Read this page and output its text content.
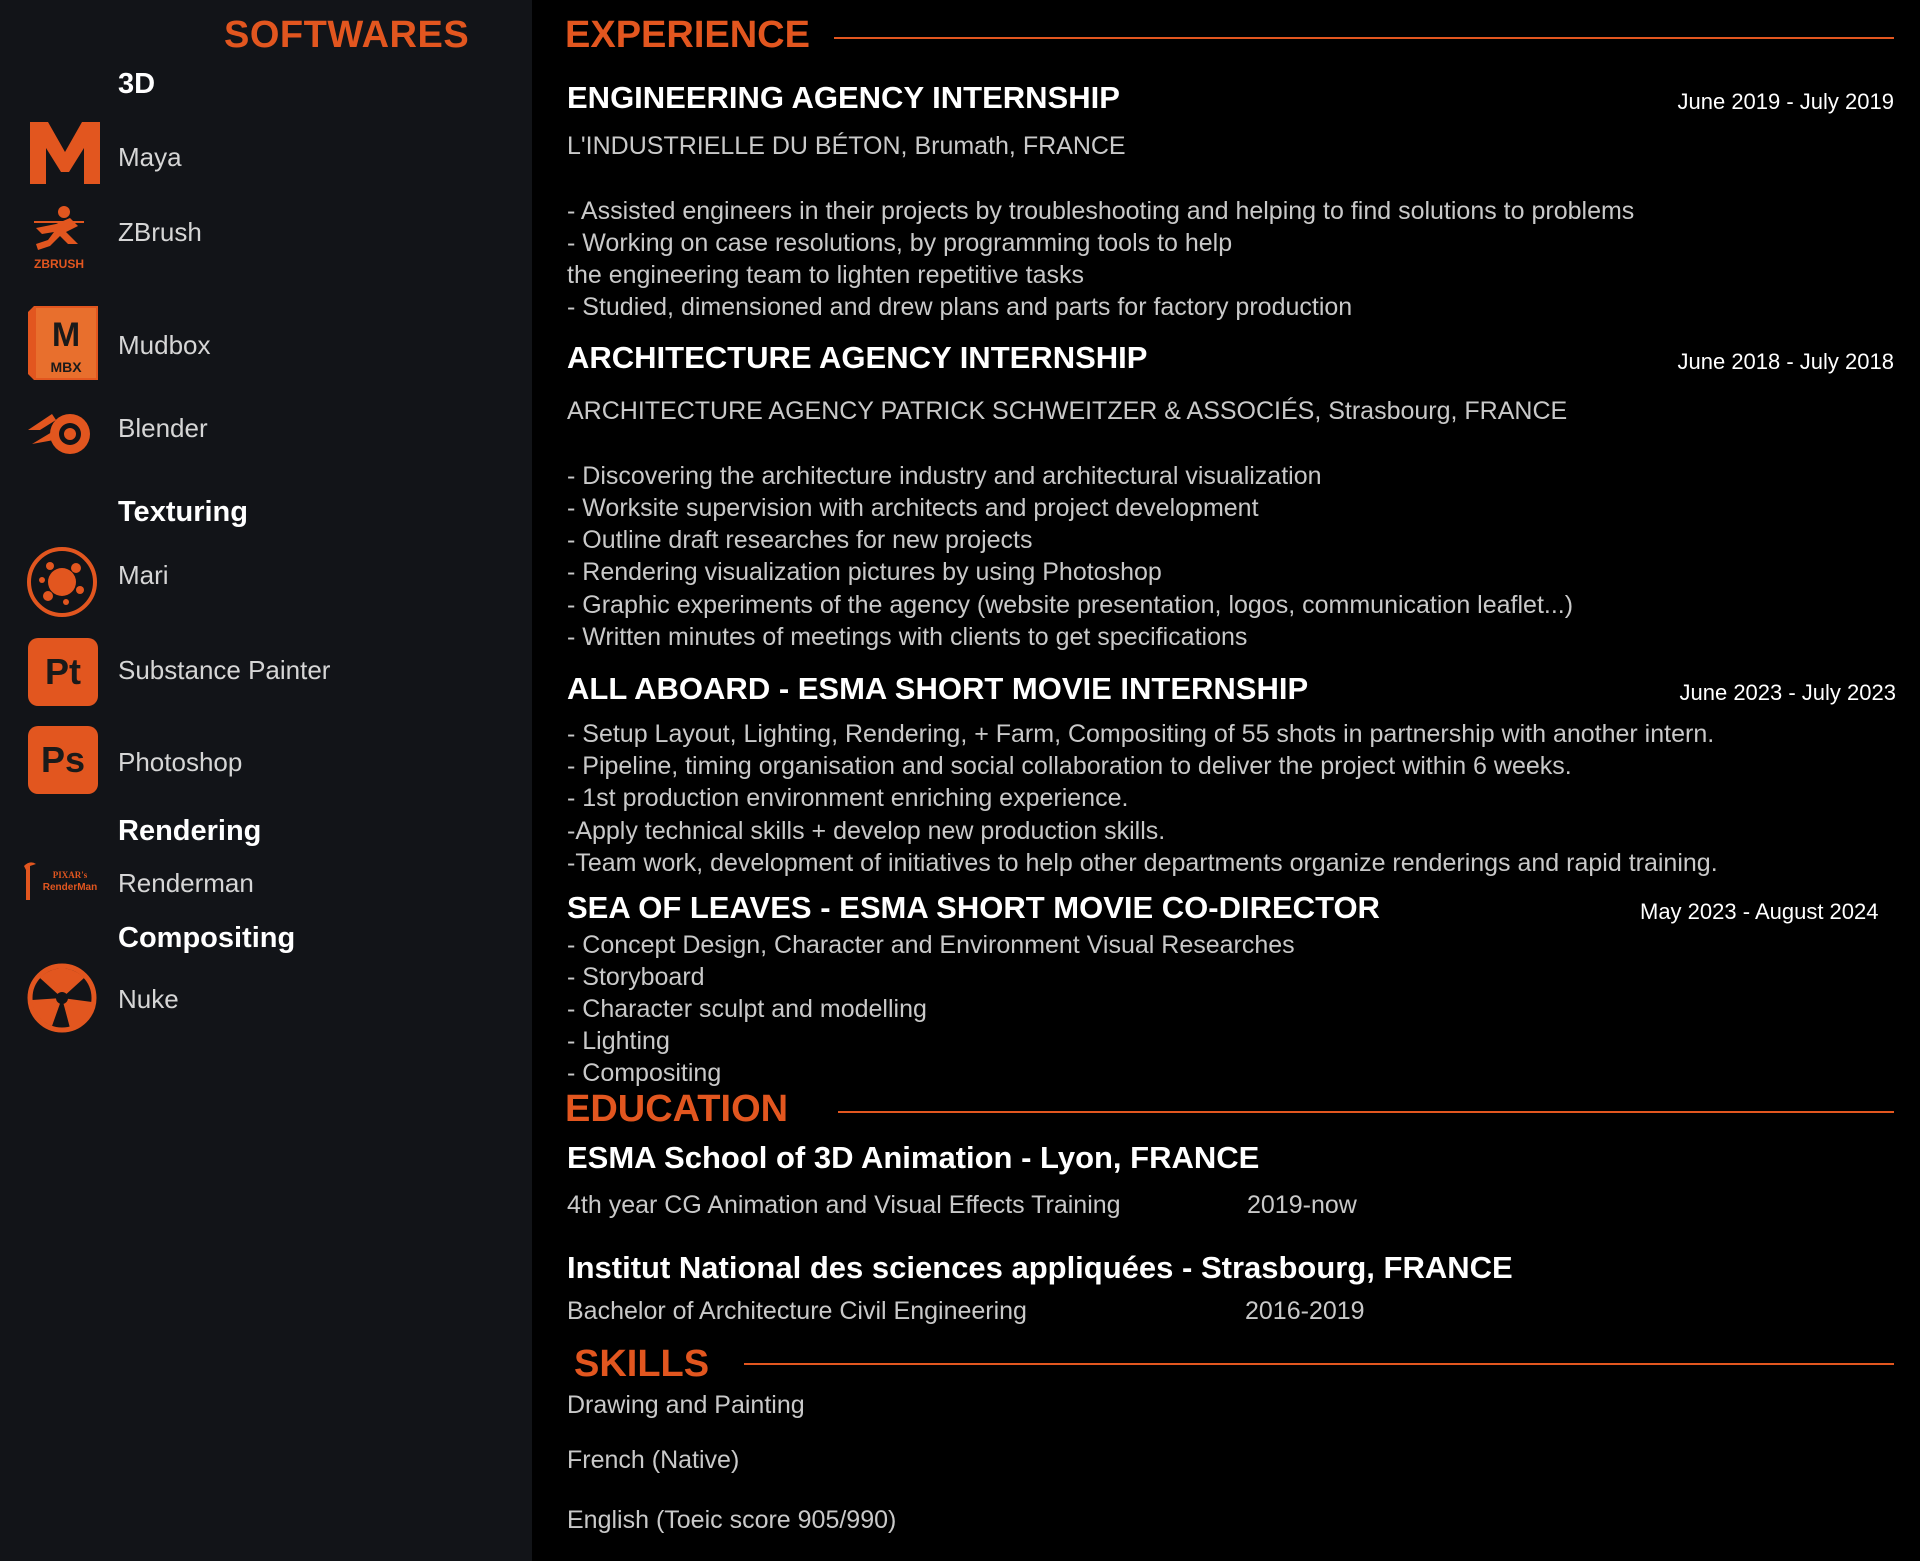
SOFTWARES
3D
Maya
ZBRUSH
ZBrush
M
MBX
Mudbox
Blender
Texturing
Mari
Pt Substance Painter
Ps Photoshop
Rendering
PIXAR's
RenderMan Renderman
Compositing
Nuke
EXPERIENCE
ENGINEERING AGENCY INTERNSHIP	June 2019 - July 2019
L'INDUSTRIELLE DU BÉTON, Brumath, FRANCE
- Assisted engineers in their projects by troubleshooting and helping to find solutions to problems
- Working on case resolutions, by programming tools to help
the engineering team to lighten repetitive tasks
- Studied, dimensioned and drew plans and parts for factory production
ARCHITECTURE AGENCY INTERNSHIP	June 2018 - July 2018
ARCHITECTURE AGENCY PATRICK SCHWEITZER & ASSOCIÉS, Strasbourg, FRANCE
- Discovering the architecture industry and architectural visualization
- Worksite supervision with architects and project development
- Outline draft researches for new projects
- Rendering visualization pictures by using Photoshop
- Graphic experiments of the agency (website presentation, logos, communication leaflet...)
- Written minutes of meetings with clients to get specifications
ALL ABOARD - ESMA SHORT MOVIE INTERNSHIP	June 2023 - July 2023
- Setup Layout, Lighting, Rendering, + Farm, Compositing of 55 shots in partnership with another intern.
- Pipeline, timing organisation and social collaboration to deliver the project within 6 weeks.
- 1st production environment enriching experience.
-Apply technical skills + develop new production skills.
-Team work, development of initiatives to help other departments organize renderings and rapid training.
SEA OF LEAVES - ESMA SHORT MOVIE CO-DIRECTOR	May 2023 - August 2024
- Concept Design, Character and Environment Visual Researches
- Storyboard
- Character sculpt and modelling
- Lighting
- Compositing
EDUCATION
ESMA School of 3D Animation - Lyon, FRANCE
4th year CG Animation and Visual Effects Training	2019-now
Institut National des sciences appliquées - Strasbourg, FRANCE
Bachelor of Architecture Civil Engineering	2016-2019
SKILLS
Drawing and Painting
French (Native)
English (Toeic score 905/990)
